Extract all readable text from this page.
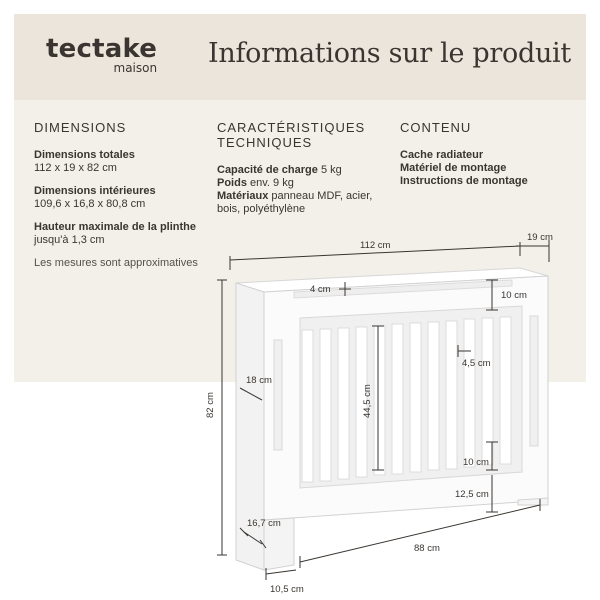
tectake
maison Informations sur le produit
DIMENSIONS
Dimensions totales
112 x 19 x 82 cm
Dimensions intérieures
109,6 x 16,8 x 80,8 cm
Hauteur maximale de la plinthe
jusqu'à 1,3 cm
Les mesures sont approximatives
CARACTÉRISTIQUES
TECHNIQUES
Capacité de charge 5 kg
Poids env. 9 kg
Matériaux panneau MDF, acier, bois, polyéthylène
CONTENU
Cache radiateur
Matériel de montage
Instructions de montage
112 cm
19 cm
82 cm
4 cm
10 cm
18 cm
44,5 cm
4,5 cm
10 cm
12,5 cm
16,7 cm
88 cm
10,5 cm
